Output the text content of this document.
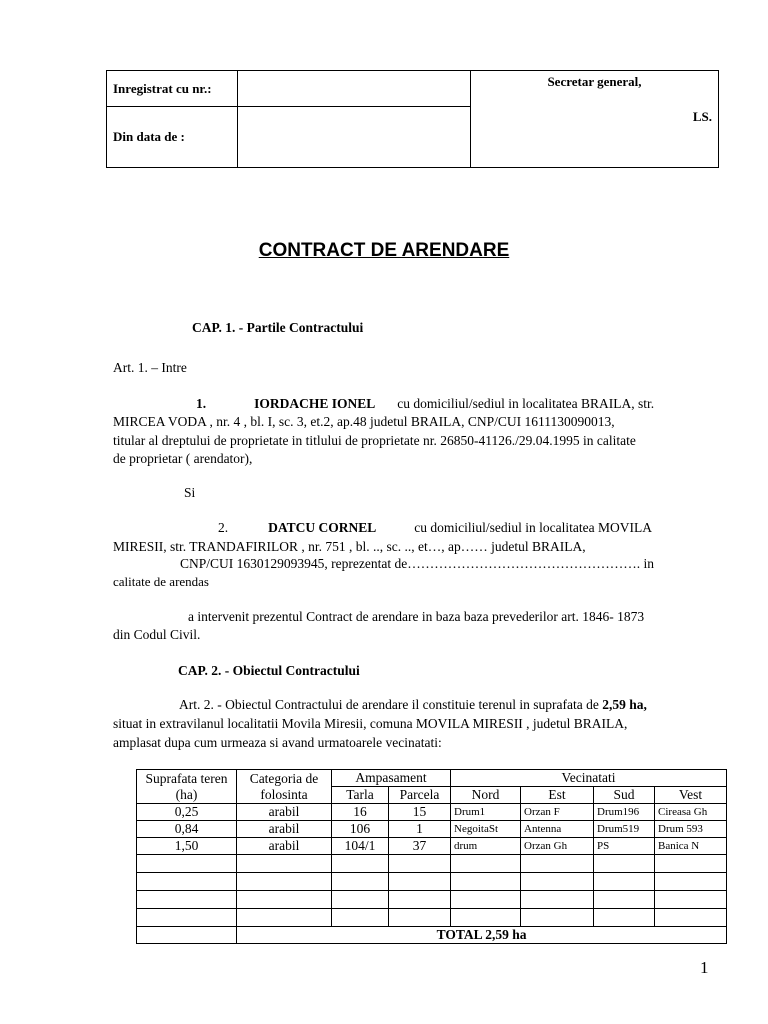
Inregistrat cu nr.:		Secretar general,
LS.

Din data de :		
CONTRACT DE ARENDARE
CAP. 1. - Partile Contractului
Art. 1. – Intre
1.	IORDACHE IONEL cu domiciliul/sediul in localitatea BRAILA, str.
MIRCEA VODA , nr. 4 , bl. I, sc. 3, et.2, ap.48 judetul BRAILA, CNP/CUI 1611130090013,
titular al dreptului de proprietate in titlului de proprietate nr. 26850-41126./29.04.1995 in calitate
de proprietar ( arendator),
Si
2.	DATCU CORNEL	cu domiciliul/sediul in localitatea MOVILA
MIRESII, str. TRANDAFIRILOR , nr. 751 , bl. .., sc. .., et…, ap…… judetul BRAILA,
CNP/CUI 1630129093945, reprezentat de……………………………………………. in
calitate de arendas
a intervenit prezentul Contract de arendare in baza baza prevederilor art. 1846- 1873
din Codul Civil.
CAP. 2. - Obiectul Contractului
Art. 2. - Obiectul Contractului de arendare il constituie terenul in suprafata de 2,59 ha,
situat in extravilanul localitatii Movila Miresii, comuna MOVILA MIRESII , judetul BRAILA,
amplasat dupa cum urmeaza si avand urmatoarele vecinatati:
Suprafata teren (ha)	Categoria de folosinta	Ampasament		Vecinatati			
		Tarla	Parcela	Nord	Est	Sud	Vest
0,25	arabil	16	15	Drum1	Orzan F	Drum196	Cireasa Gh
0,84	arabil	106	1	NegoitaSt	Antenna	Drum519	Drum 593
1,50	arabil	104/1	37	drum	Orzan Gh	PS	Banica N

	TOTAL 2,59 ha						
1
